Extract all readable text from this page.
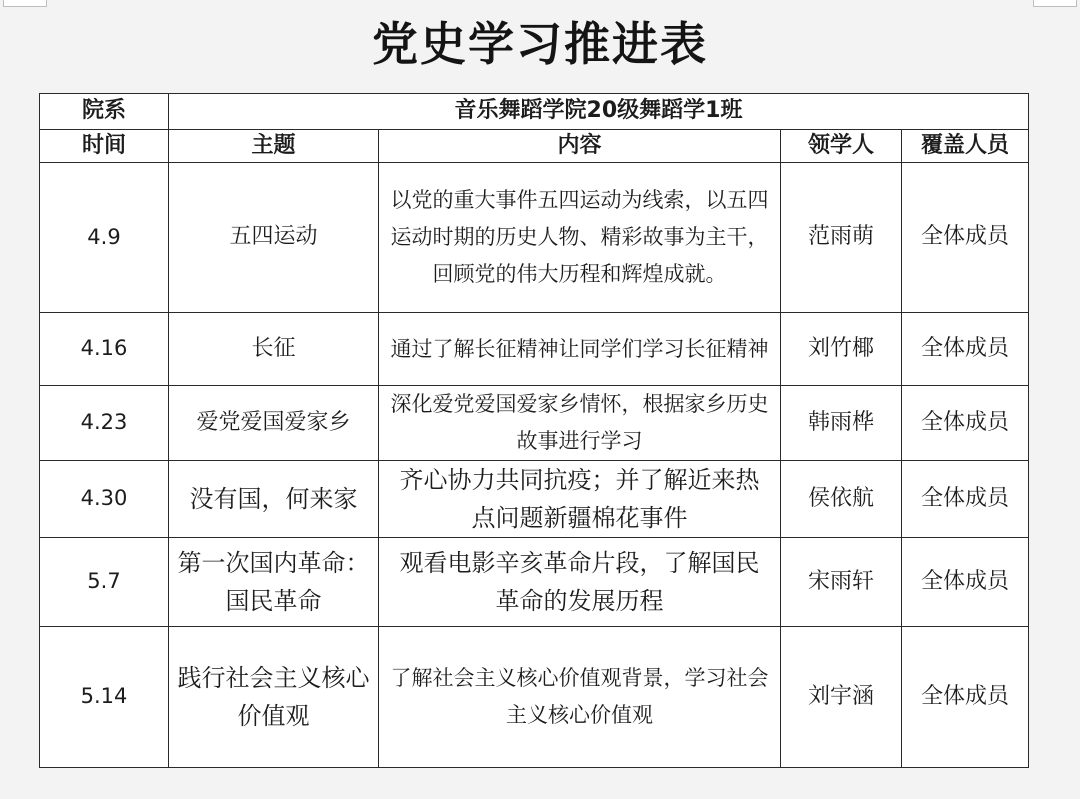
党史学习推进表
院系	音乐舞蹈学院20级舞蹈学1班			
时间	主题	内容	领学人	覆盖人员
4.9	五四运动	以党的重大事件五四运动为线索，以五四运动时期的历史人物、精彩故事为主干，回顾党的伟大历程和辉煌成就。	范雨萌	全体成员
4.16	长征	通过了解长征精神让同学们学习长征精神	刘竹椰	全体成员
4.23	爱党爱国爱家乡	深化爱党爱国爱家乡情怀，根据家乡历史故事进行学习	韩雨桦	全体成员
4.30	没有国，何来家	齐心协力共同抗疫；并了解近来热点问题新疆棉花事件	侯依航	全体成员
5.7	第一次国内革命：国民革命	观看电影辛亥革命片段，了解国民革命的发展历程	宋雨轩	全体成员
5.14	践行社会主义核心价值观	了解社会主义核心价值观背景，学习社会主义核心价值观	刘宇涵	全体成员
